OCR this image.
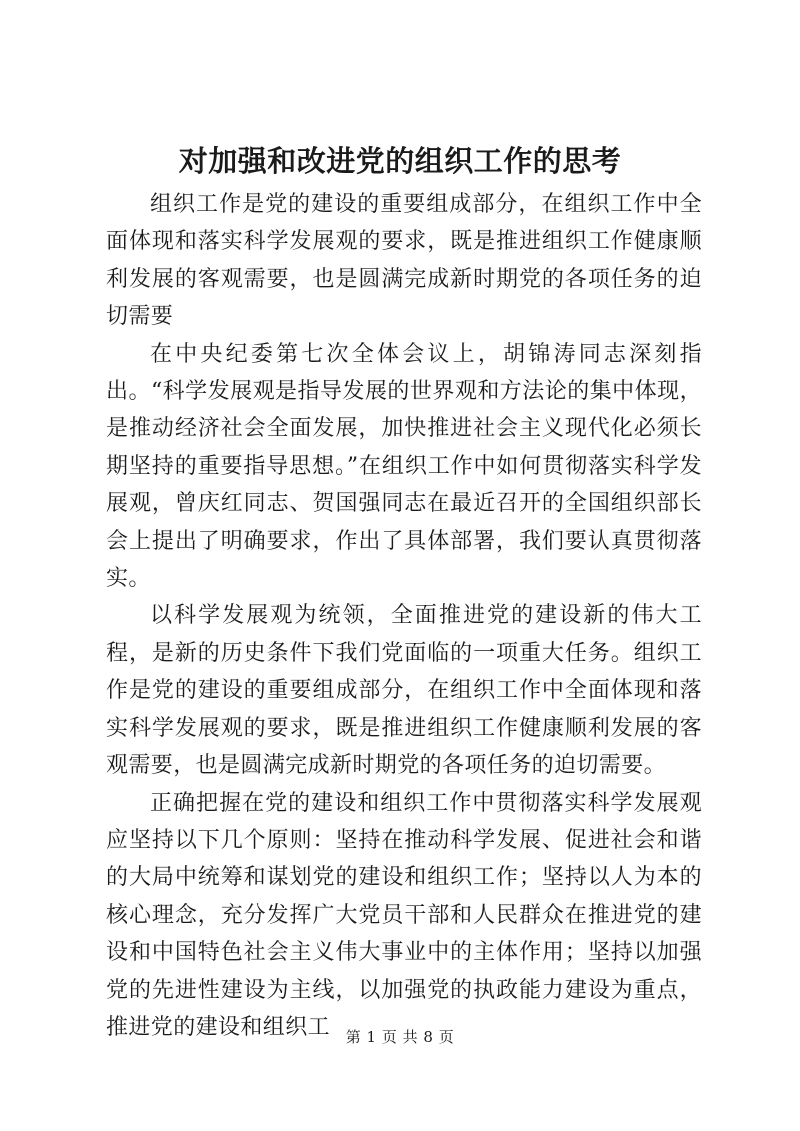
对加强和改进党的组织工作的思考

组织工作是党的建设的重要组成部分，在组织工作中全面体现和落实科学发展观的要求，既是推进组织工作健康顺利发展的客观需要，也是圆满完成新时期党的各项任务的迫切需要

在中央纪委第七次全体会议上，胡锦涛同志深刻指出。“科学发展观是指导发展的世界观和方法论的集中体现，是推动经济社会全面发展，加快推进社会主义现代化必须长期坚持的重要指导思想。”在组织工作中如何贯彻落实科学发展观，曾庆红同志、贺国强同志在最近召开的全国组织部长会上提出了明确要求，作出了具体部署，我们要认真贯彻落实。

以科学发展观为统领，全面推进党的建设新的伟大工程，是新的历史条件下我们党面临的一项重大任务。组织工作是党的建设的重要组成部分，在组织工作中全面体现和落实科学发展观的要求，既是推进组织工作健康顺利发展的客观需要，也是圆满完成新时期党的各项任务的迫切需要。

正确把握在党的建设和组织工作中贯彻落实科学发展观应坚持以下几个原则：坚持在推动科学发展、促进社会和谐的大局中统筹和谋划党的建设和组织工作；坚持以人为本的核心理念，充分发挥广大党员干部和人民群众在推进党的建设和中国特色社会主义伟大事业中的主体作用；坚持以加强党的先进性建设为主线，以加强党的执政能力建设为重点，推进党的建设和组织工	第 1 页 共 8 页
